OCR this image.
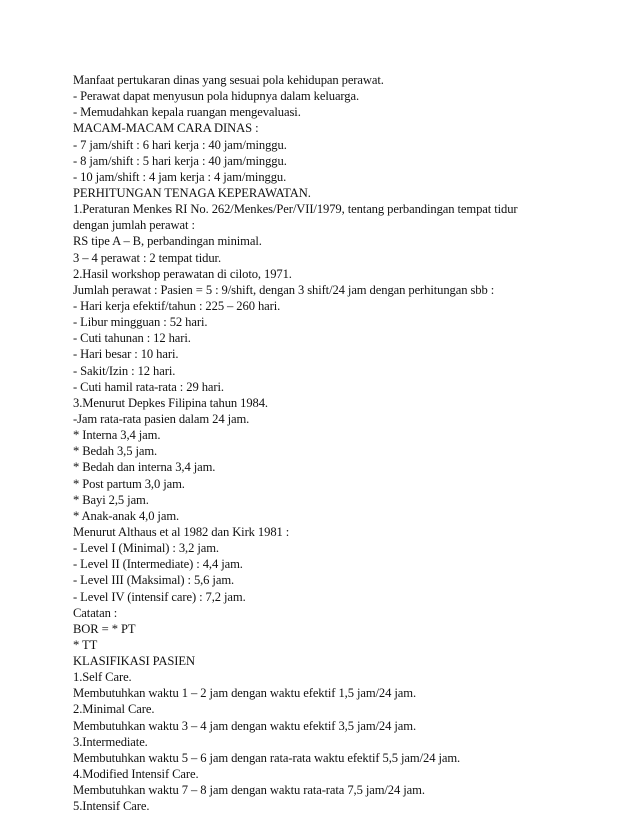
Manfaat pertukaran dinas yang sesuai pola kehidupan perawat.
- Perawat dapat menyusun pola hidupnya dalam keluarga.
- Memudahkan kepala ruangan mengevaluasi.
MACAM-MACAM CARA DINAS :
- 7 jam/shift : 6 hari kerja : 40 jam/minggu.
- 8 jam/shift : 5 hari kerja : 40 jam/minggu.
- 10 jam/shift : 4 jam kerja : 4 jam/minggu.
PERHITUNGAN TENAGA KEPERAWATAN.
1.Peraturan Menkes RI No. 262/Menkes/Per/VII/1979, tentang perbandingan tempat tidur
dengan jumlah perawat :
RS tipe A – B, perbandingan minimal.
3 – 4 perawat : 2 tempat tidur.
2.Hasil workshop perawatan di ciloto, 1971.
Jumlah perawat : Pasien = 5 : 9/shift, dengan 3 shift/24 jam dengan perhitungan sbb :
- Hari kerja efektif/tahun : 225 – 260 hari.
- Libur mingguan : 52 hari.
- Cuti tahunan : 12 hari.
- Hari besar : 10 hari.
- Sakit/Izin : 12 hari.
- Cuti hamil rata-rata : 29 hari.
3.Menurut Depkes Filipina tahun 1984.
-Jam rata-rata pasien dalam 24 jam.
* Interna 3,4 jam.
* Bedah 3,5 jam.
* Bedah dan interna 3,4 jam.
* Post partum 3,0 jam.
* Bayi 2,5 jam.
* Anak-anak 4,0 jam.
Menurut Althaus et al 1982 dan Kirk 1981 :
- Level I (Minimal) : 3,2 jam.
- Level II (Intermediate) : 4,4 jam.
- Level III (Maksimal) : 5,6 jam.
- Level IV (intensif care) : 7,2 jam.
Catatan :
BOR = * PT
* TT
KLASIFIKASI PASIEN
1.Self Care.
Membutuhkan waktu 1 – 2 jam dengan waktu efektif 1,5 jam/24 jam.
2.Minimal Care.
Membutuhkan waktu 3 – 4 jam dengan waktu efektif 3,5 jam/24 jam.
3.Intermediate.
Membutuhkan waktu 5 – 6 jam dengan rata-rata waktu efektif 5,5 jam/24 jam.
4.Modified Intensif Care.
Membutuhkan waktu 7 – 8 jam dengan waktu rata-rata 7,5 jam/24 jam.
5.Intensif Care.
